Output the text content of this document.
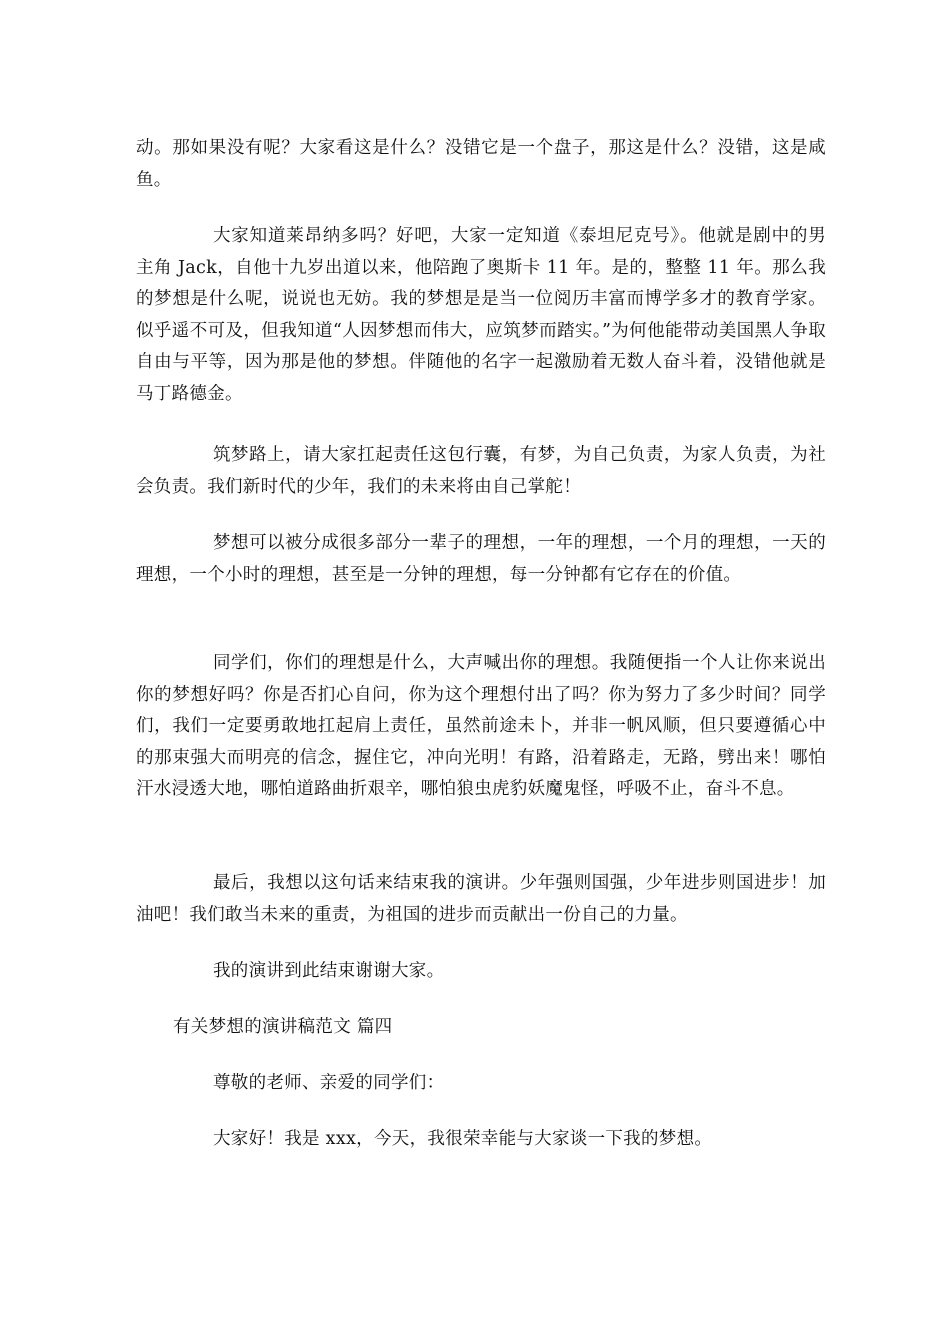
动。那如果没有呢？大家看这是什么？没错它是一个盘子，那这是什么？没错，这是咸鱼。

大家知道莱昂纳多吗？好吧，大家一定知道《泰坦尼克号》。他就是剧中的男主角 Jack，自他十九岁出道以来，他陪跑了奥斯卡 11 年。是的，整整 11 年。那么我的梦想是什么呢，说说也无妨。我的梦想是是当一位阅历丰富而博学多才的教育学家。似乎遥不可及，但我知道“人因梦想而伟大，应筑梦而踏实。”为何他能带动美国黑人争取自由与平等，因为那是他的梦想。伴随他的名字一起激励着无数人奋斗着，没错他就是马丁路德金。

筑梦路上，请大家扛起责任这包行囊，有梦，为自己负责，为家人负责，为社会负责。我们新时代的少年，我们的未来将由自己掌舵！

梦想可以被分成很多部分一辈子的理想，一年的理想，一个月的理想，一天的理想，一个小时的理想，甚至是一分钟的理想，每一分钟都有它存在的价值。

同学们，你们的理想是什么，大声喊出你的理想。我随便指一个人让你来说出你的梦想好吗？你是否扪心自问，你为这个理想付出了吗？你为努力了多少时间？同学们，我们一定要勇敢地扛起肩上责任，虽然前途未卜，并非一帆风顺，但只要遵循心中的那束强大而明亮的信念，握住它，冲向光明！有路，沿着路走，无路，劈出来！哪怕汗水浸透大地，哪怕道路曲折艰辛，哪怕狼虫虎豹妖魔鬼怪，呼吸不止，奋斗不息。

最后，我想以这句话来结束我的演讲。少年强则国强，少年进步则国进步！加油吧！我们敢当未来的重责，为祖国的进步而贡献出一份自己的力量。

我的演讲到此结束谢谢大家。

有关梦想的演讲稿范文 篇四

尊敬的老师、亲爱的同学们：

大家好！我是 xxx，今天，我很荣幸能与大家谈一下我的梦想。
